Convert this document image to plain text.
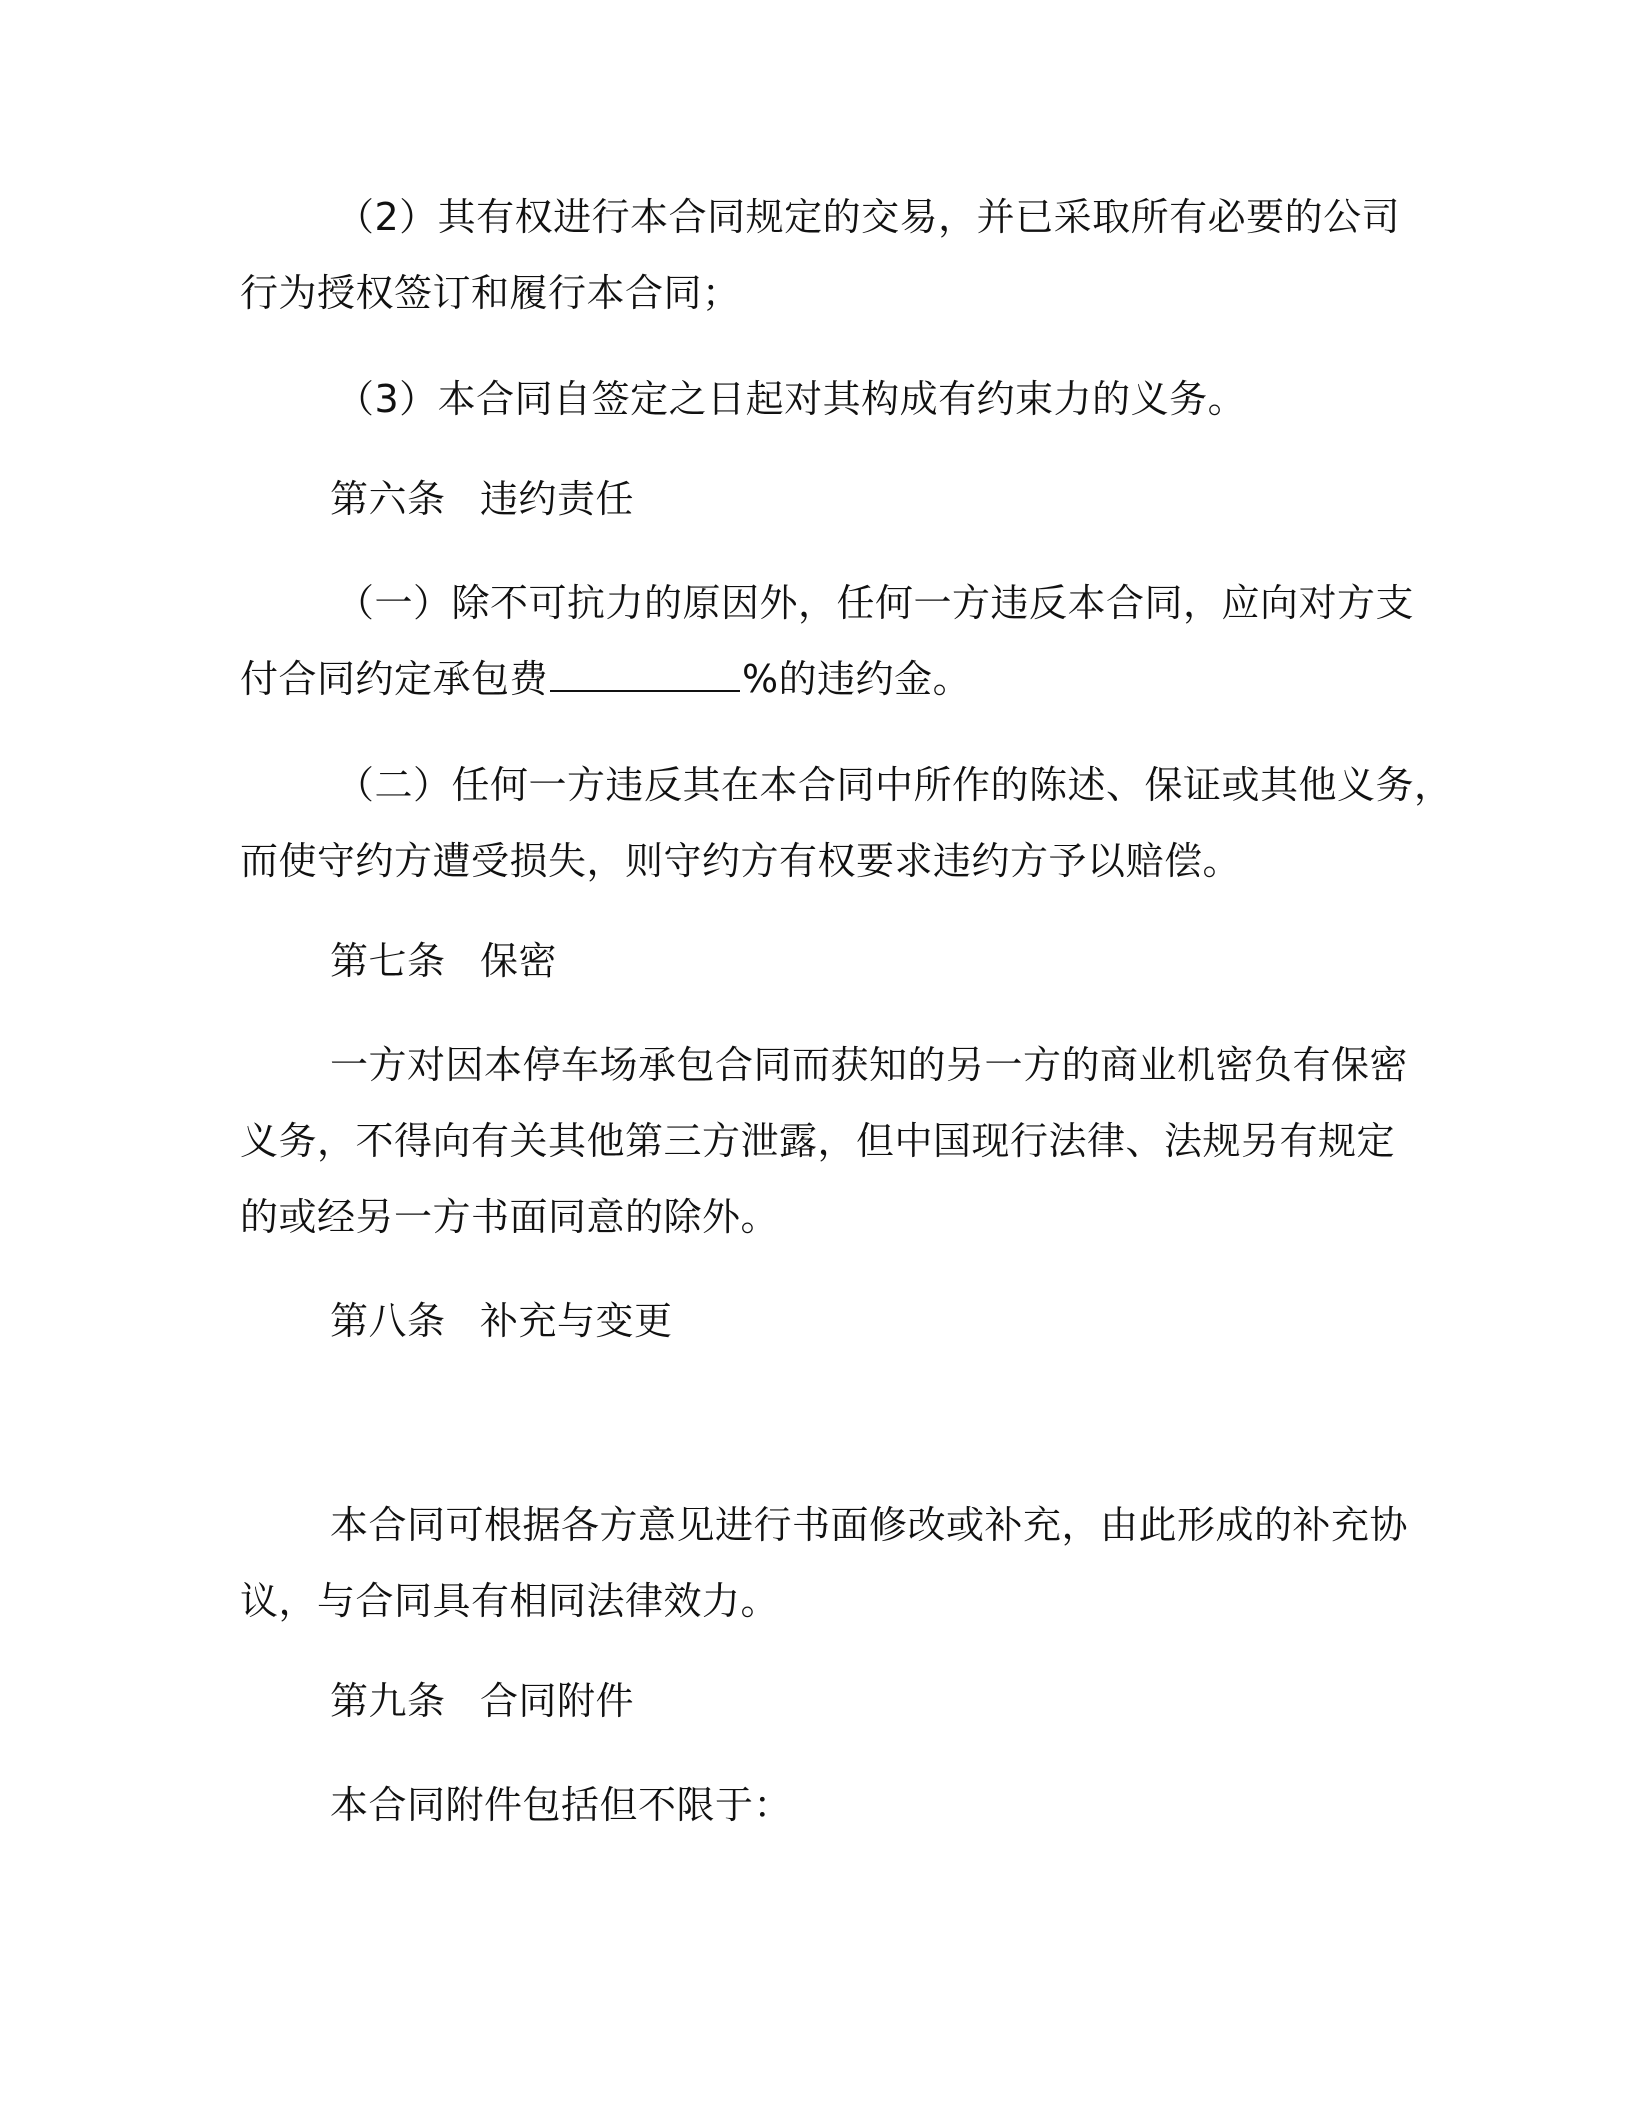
（2）其有权进行本合同规定的交易，并已采取所有必要的公司
行为授权签订和履行本合同；
（3）本合同自签定之日起对其构成有约束力的义务。
第六条 违约责任
（一）除不可抗力的原因外，任何一方违反本合同，应向对方支
付合同约定承包费	%的违约金。
（二）任何一方违反其在本合同中所作的陈述、保证或其他义务，
而使守约方遭受损失，则守约方有权要求违约方予以赔偿。
第七条 保密
一方对因本停车场承包合同而获知的另一方的商业机密负有保密
义务，不得向有关其他第三方泄露，但中国现行法律、法规另有规定
的或经另一方书面同意的除外。
第八条 补充与变更
本合同可根据各方意见进行书面修改或补充，由此形成的补充协
议，与合同具有相同法律效力。
第九条 合同附件
本合同附件包括但不限于：
